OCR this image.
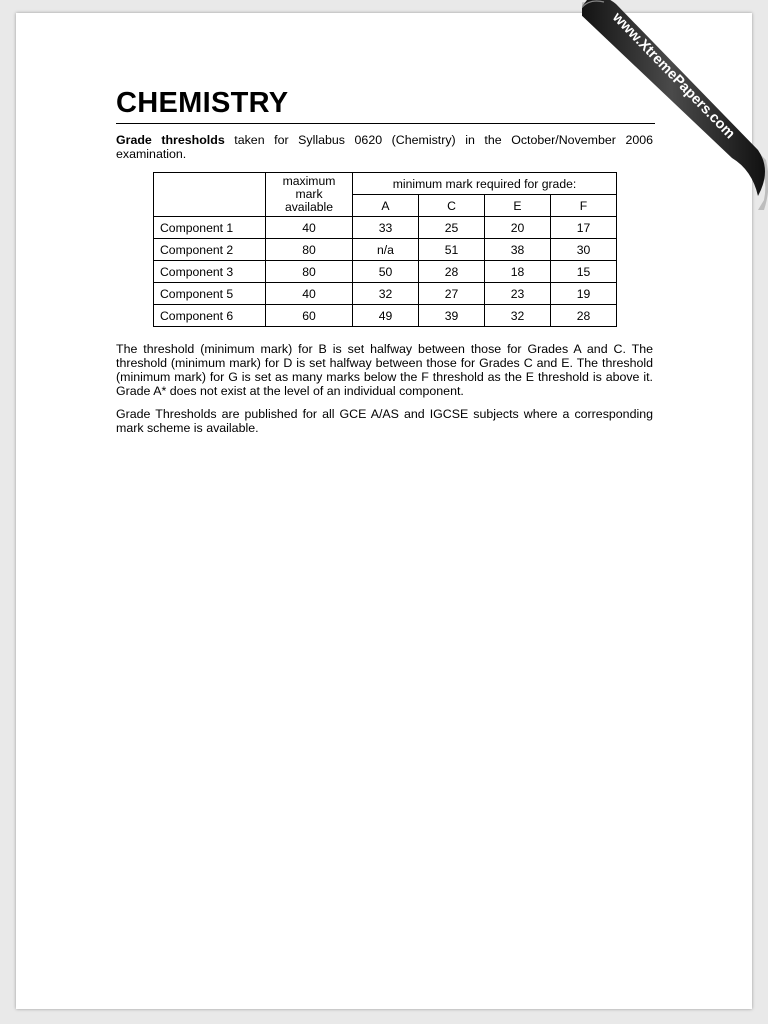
CHEMISTRY
Grade thresholds taken for Syllabus 0620 (Chemistry) in the October/November 2006 examination.

	maximum
mark
available	minimum mark required for grade:			
		A	C	E	F
Component 1	40	33	25	20	17
Component 2	80	n/a	51	38	30
Component 3	80	50	28	18	15
Component 5	40	32	27	23	19
Component 6	60	49	39	32	28

The threshold (minimum mark) for B is set halfway between those for Grades A and C. The threshold (minimum mark) for D is set halfway between those for Grades C and E. The threshold (minimum mark) for G is set as many marks below the F threshold as the E threshold is above it. Grade A* does not exist at the level of an individual component.

Grade Thresholds are published for all GCE A/AS and IGCSE subjects where a corresponding mark scheme is available.

www.XtremePapers.com
